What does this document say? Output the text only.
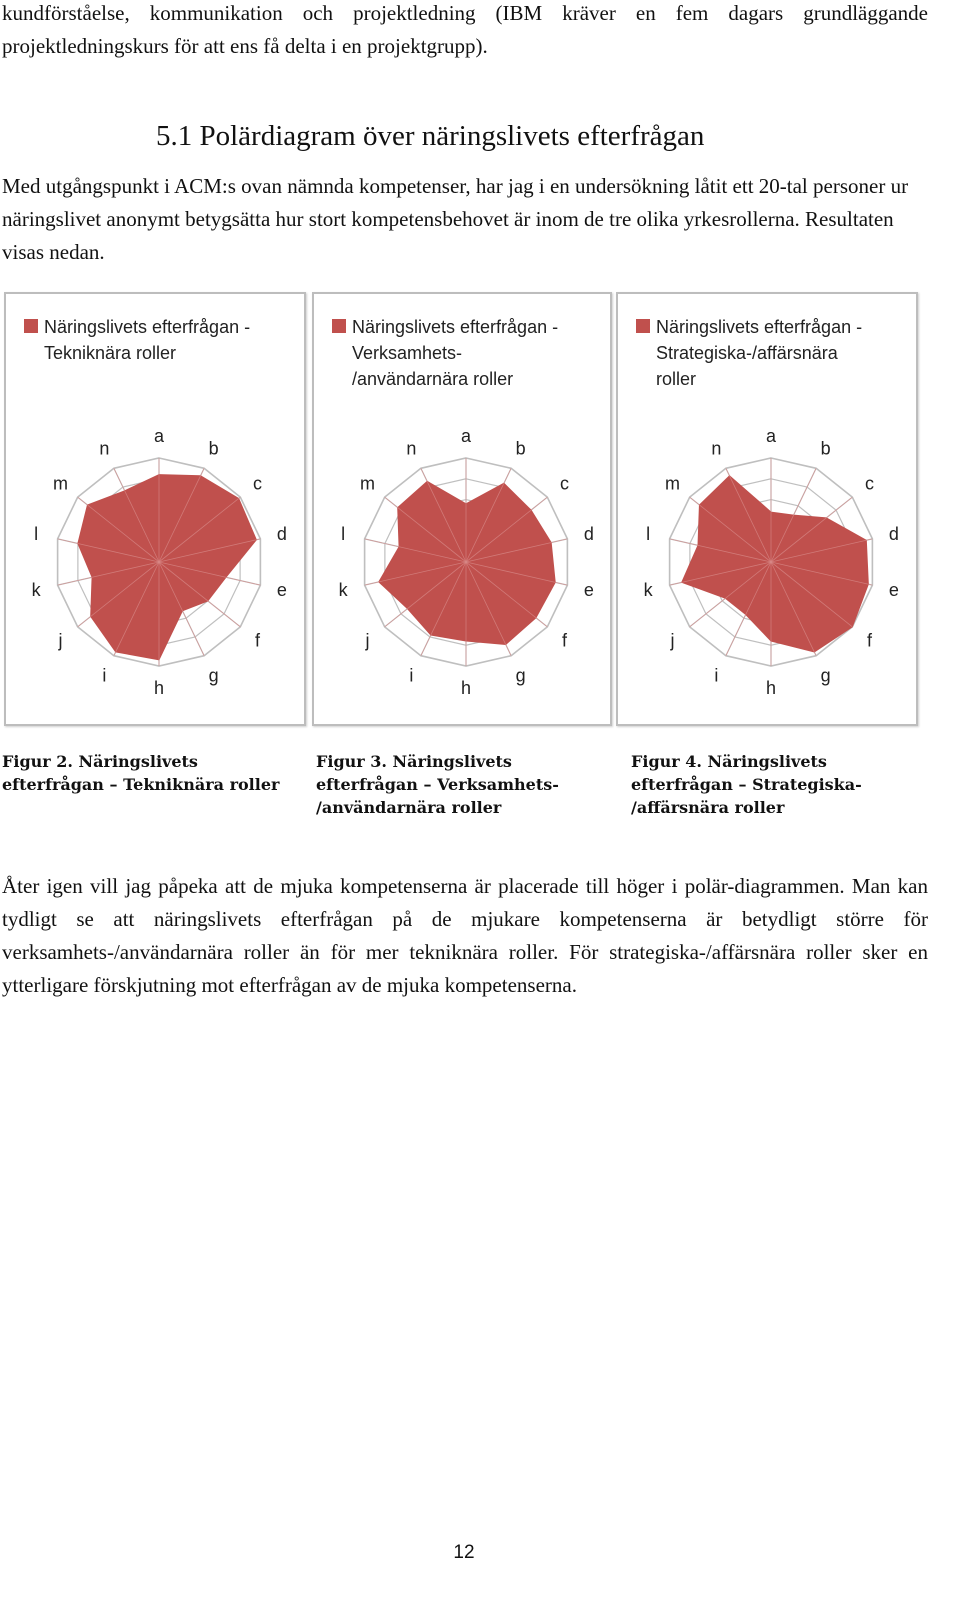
kundförståelse, kommunikation och projektledning (IBM kräver en fem dagars grundläggande projektledningskurs för att ens få delta i en projektgrupp).

5.1 Polärdiagram över näringslivets efterfrågan

Med utgångspunkt i ACM:s ovan nämnda kompetenser, har jag i en undersökning låtit ett 20-tal personer ur näringslivet anonymt betygsätta hur stort kompetensbehovet är inom de tre olika yrkesrollerna. Resultaten visas nedan.

Näringslivets efterfrågan -
Tekniknära roller
a
b
c
d
e
f
g
h
i
j
k
l
m
n
Näringslivets efterfrågan -
Verksamhets-
/användarnära roller
a
b
c
d
e
f
g
h
i
j
k
l
m
n
Näringslivets efterfrågan -
Strategiska-/affärsnära
roller
a
b
c
d
e
f
g
h
i
j
k
l
m
n
Figur 2. Näringslivets
efterfrågan – Tekniknära roller
Figur 3. Näringslivets
efterfrågan – Verksamhets-
/användarnära roller
Figur 4. Näringslivets
efterfrågan – Strategiska-
/affärsnära roller

Åter igen vill jag påpeka att de mjuka kompetenserna är placerade till höger i polär-diagrammen. Man kan tydligt se att näringslivets efterfrågan på de mjukare kompetenserna är betydligt större för verksamhets-/användarnära roller än för mer tekniknära roller. För strategiska-/affärsnära roller sker en ytterligare förskjutning mot efterfrågan av de mjuka kompetenserna.

12
